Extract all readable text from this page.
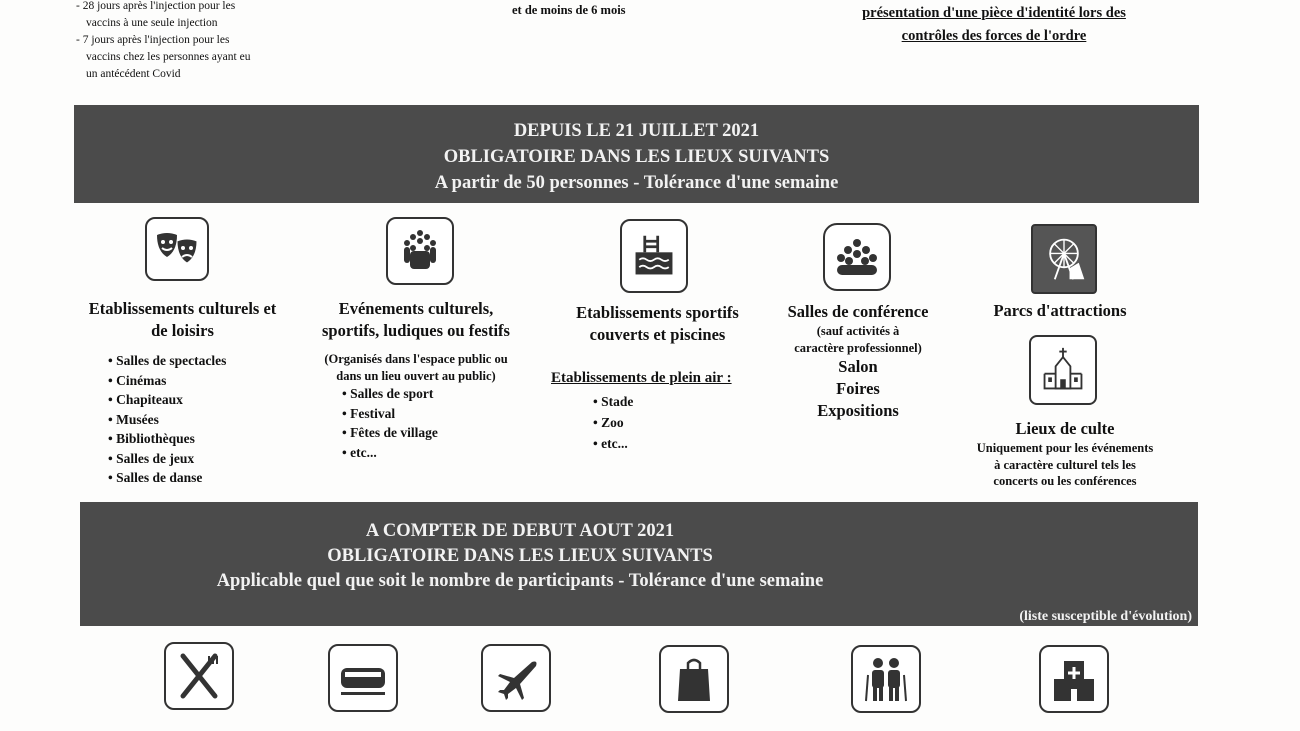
- 28 jours après l'injection pour les
vaccins à une seule injection
- 7 jours après l'injection pour les
vaccins chez les personnes ayant eu
un antécédent Covid
et de moins de 6 mois	présentation d'une pièce d'identité lors des
contrôles des forces de l'ordre
DEPUIS LE 21 JUILLET 2021
OBLIGATOIRE DANS LES LIEUX SUIVANTS
A partir de 50 personnes - Tolérance d'une semaine
Etablissements culturels et
de loisirs
• Salles de spectacles
• Cinémas
• Chapiteaux
• Musées
• Bibliothèques
• Salles de jeux
• Salles de danse
Evénements culturels,
sportifs, ludiques ou festifs
(Organisés dans l'espace public ou
dans un lieu ouvert au public)
• Salles de sport
• Festival
• Fêtes de village
• etc...
Etablissements sportifs
couverts et piscines
Etablissements de plein air :
• Stade
• Zoo
• etc...
Salles de conférence
(sauf activités à
caractère professionnel)
Salon
Foires
Expositions
Parcs d'attractions
Lieux de culte
Uniquement pour les événements
à caractère culturel tels les
concerts ou les conférences
A COMPTER DE DEBUT AOUT 2021
OBLIGATOIRE DANS LES LIEUX SUIVANTS
Applicable quel que soit le nombre de participants - Tolérance d'une semaine
(liste susceptible d'évolution)
